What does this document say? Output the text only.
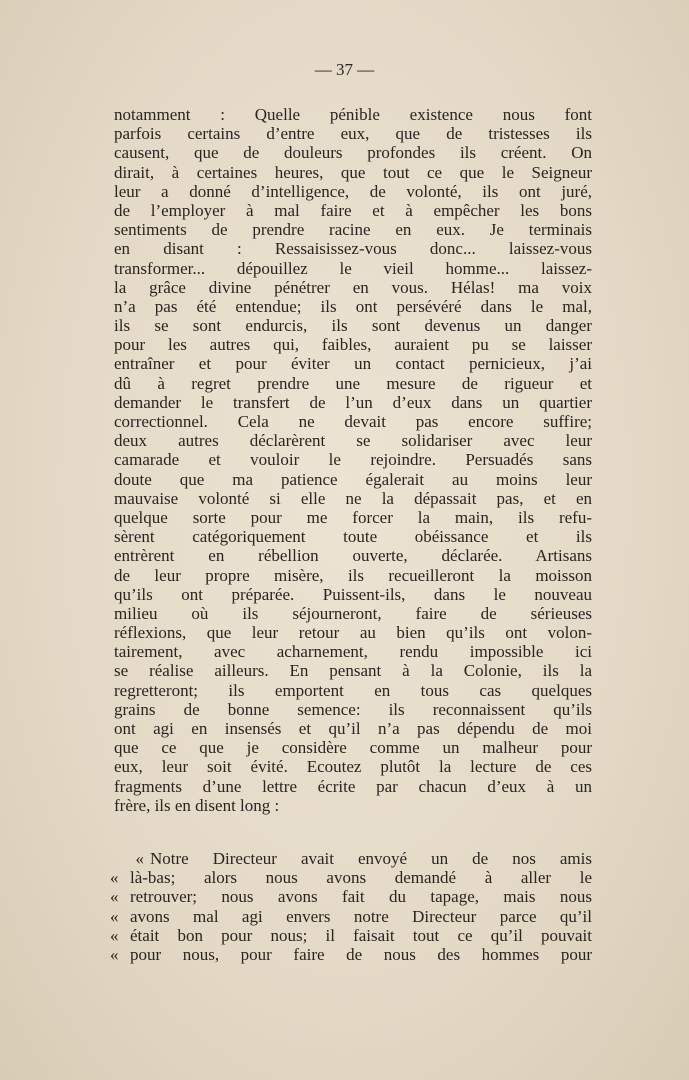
— 37 —
notamment : Quelle pénible existence nous font
parfois certains d’entre eux, que de tristesses ils
causent, que de douleurs profondes ils créent. On
dirait, à certaines heures, que tout ce que le Seigneur
leur a donné d’intelligence, de volonté, ils ont juré,
de l’employer à mal faire et à empêcher les bons
sentiments de prendre racine en eux. Je terminais
en disant : Ressaisissez-vous donc... laissez-vous
transformer... dépouillez le vieil homme... laissez-
la grâce divine pénétrer en vous. Hélas! ma voix
n’a pas été entendue; ils ont persévéré dans le mal,
ils se sont endurcis, ils sont devenus un danger
pour les autres qui, faibles, auraient pu se laisser
entraîner et pour éviter un contact pernicieux, j’ai
dû à regret prendre une mesure de rigueur et
demander le transfert de l’un d’eux dans un quartier
correctionnel. Cela ne devait pas encore suffire;
deux autres déclarèrent se solidariser avec leur
camarade et vouloir le rejoindre. Persuadés sans
doute que ma patience égalerait au moins leur
mauvaise volonté si elle ne la dépassait pas, et en
quelque sorte pour me forcer la main, ils refu-
sèrent catégoriquement toute obéissance et ils
entrèrent en rébellion ouverte, déclarée. Artisans
de leur propre misère, ils recueilleront la moisson
qu’ils ont préparée. Puissent-ils, dans le nouveau
milieu où ils séjourneront, faire de sérieuses
réflexions, que leur retour au bien qu’ils ont volon-
tairement, avec acharnement, rendu impossible ici
se réalise ailleurs. En pensant à la Colonie, ils la
regretteront; ils emportent en tous cas quelques
grains de bonne semence: ils reconnaissent qu’ils
ont agi en insensés et qu’il n’a pas dépendu de moi
que ce que je considère comme un malheur pour
eux, leur soit évité. Ecoutez plutôt la lecture de ces
fragments d’une lettre écrite par chacun d’eux à un
frère, ils en disent long :
« Notre Directeur avait envoyé un de nos amis
« là-bas; alors nous avons demandé à aller le
« retrouver; nous avons fait du tapage, mais nous
« avons mal agi envers notre Directeur parce qu’il
« était bon pour nous; il faisait tout ce qu’il pouvait
« pour nous, pour faire de nous des hommes pour
